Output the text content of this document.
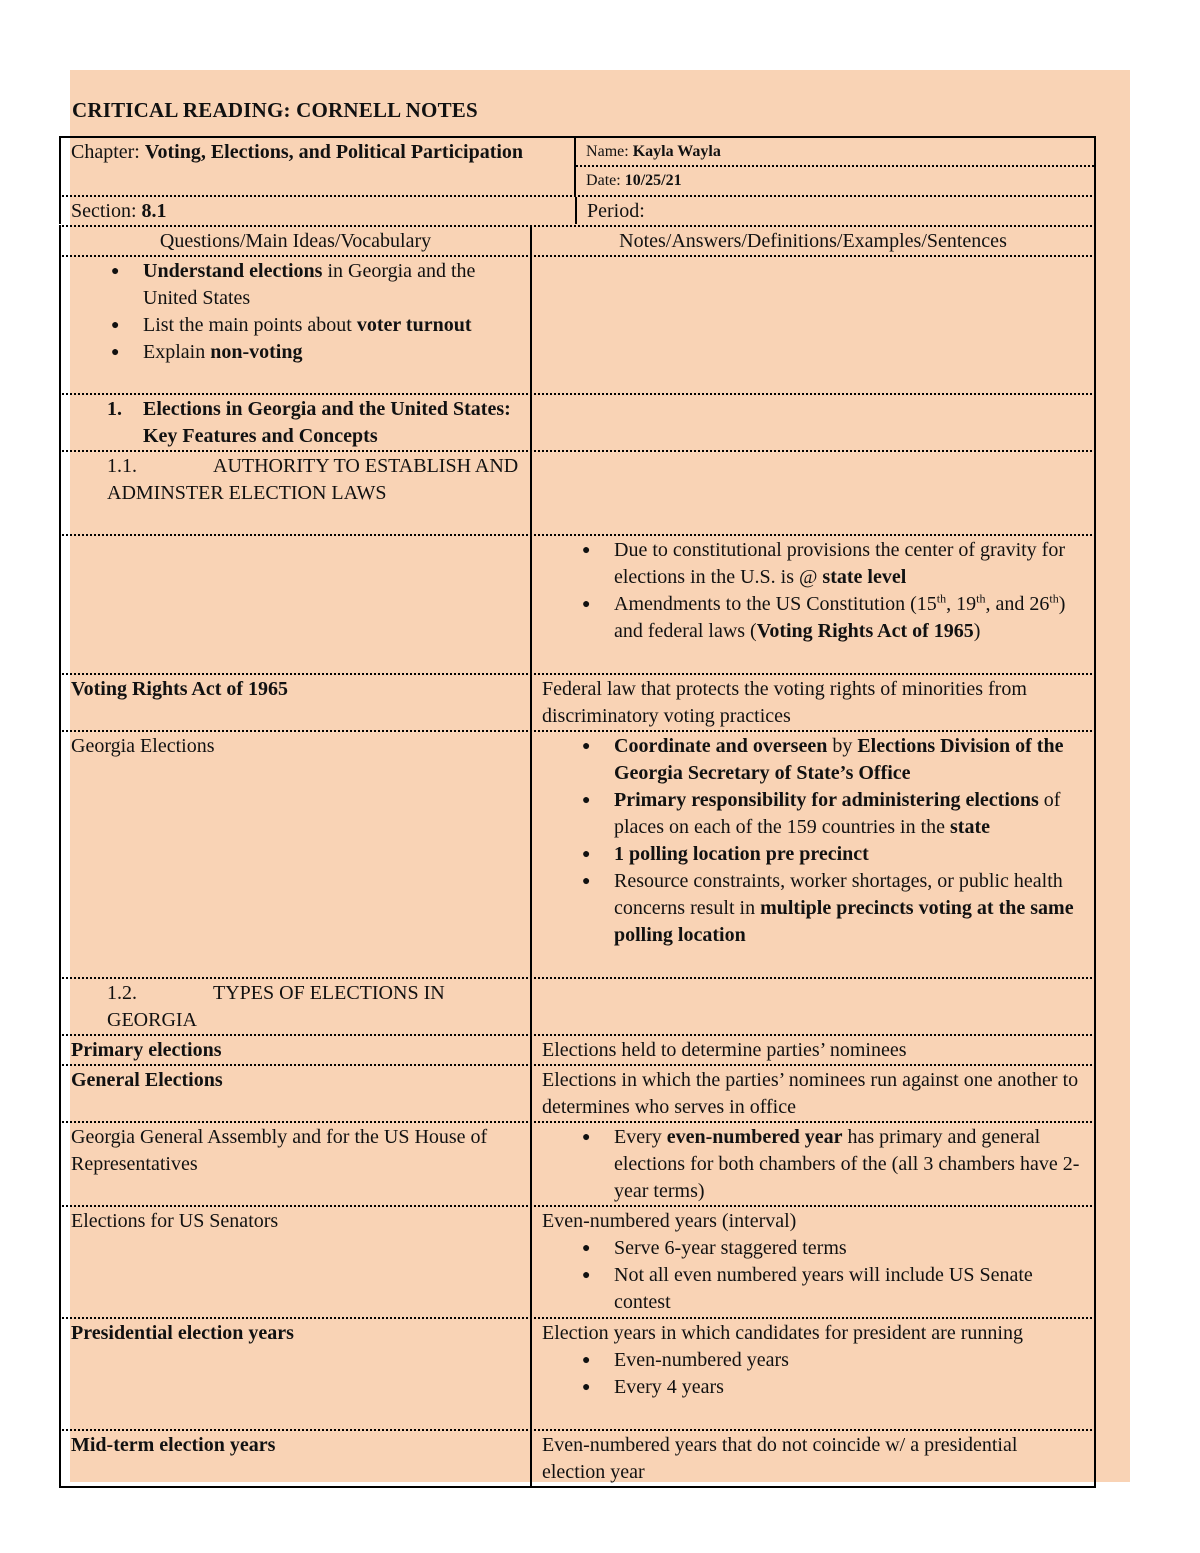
CRITICAL READING: CORNELL NOTES
Chapter: Voting, Elections, and Political Participation	Name: Kayla Wayla
Date: 10/25/21
Section: 8.1	Period:
Questions/Main Ideas/Vocabulary	Notes/Answers/Definitions/Examples/Sentences
● Understand elections in Georgia and the United States
● List the main points about voter turnout
● Explain non-voting
1.	Elections in Georgia and the United States: Key Features and Concepts
1.1.	AUTHORITY TO ESTABLISH AND ADMINSTER ELECTION LAWS
● Due to constitutional provisions the center of gravity for elections in the U.S. is @ state level
● Amendments to the US Constitution (15th, 19th, and 26th) and federal laws (Voting Rights Act of 1965)
Voting Rights Act of 1965	Federal law that protects the voting rights of minorities from discriminatory voting practices
Georgia Elections
●	Coordinate and overseen by Elections Division of the Georgia Secretary of State’s Office
● Primary responsibility for administering elections of places on each of the 159 countries in the state
● 1 polling location pre precinct
● Resource constraints, worker shortages, or public health concerns result in multiple precincts voting at the same polling location
1.2.	TYPES OF ELECTIONS IN GEORGIA
Primary elections	Elections held to determine parties’ nominees
General Elections	Elections in which the parties’ nominees run against one another to determines who serves in office
Georgia General Assembly and for the US House of Representatives
● Every even-numbered year has primary and general elections for both chambers of the (all 3 chambers have 2-year terms)
Elections for US Senators	Even-numbered years (interval)
● Serve 6-year staggered terms
● Not all even numbered years will include US Senate contest
Presidential election years	Election years in which candidates for president are running
● Even-numbered years
● Every 4 years
Mid-term election years	Even-numbered years that do not coincide w/ a presidential election year
